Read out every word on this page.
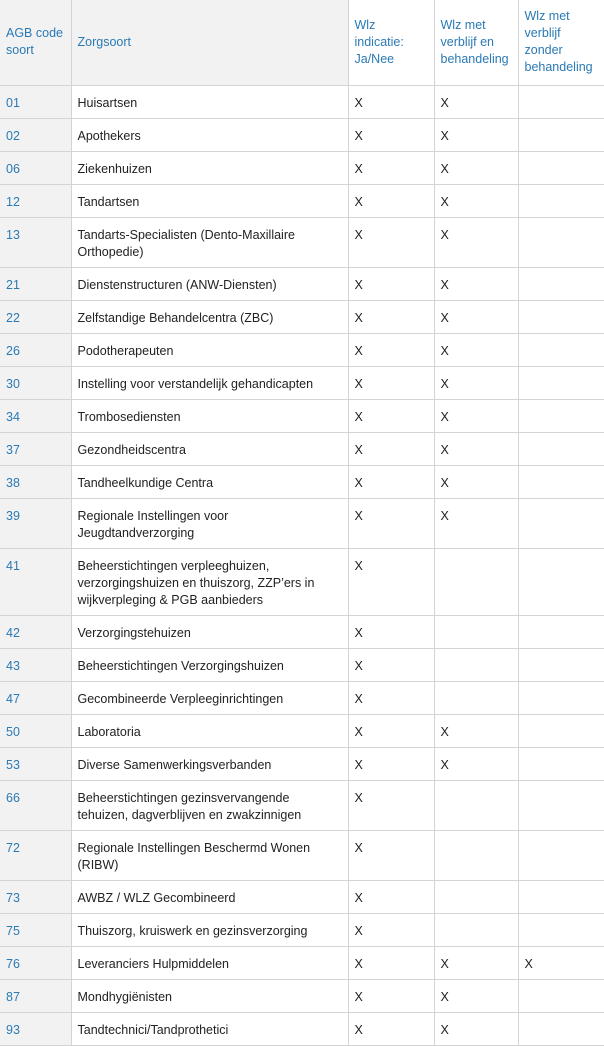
AGB code soort	Zorgsoort	Wlz indicatie: Ja/Nee	Wlz met verblijf en behandeling	Wlz met verblijf zonder behandeling
01	Huisartsen	X	X	
02	Apothekers	X	X	
06	Ziekenhuizen	X	X	
12	Tandartsen	X	X	
13	Tandarts-Specialisten (Dento-Maxillaire Orthopedie)	X	X	
21	Dienstenstructuren (ANW-Diensten)	X	X	
22	Zelfstandige Behandelcentra (ZBC)	X	X	
26	Podotherapeuten	X	X	
30	Instelling voor verstandelijk gehandicapten	X	X	
34	Trombosediensten	X	X	
37	Gezondheidscentra	X	X	
38	Tandheelkundige Centra	X	X	
39	Regionale Instellingen voor Jeugdtandverzorging	X	X	
41	Beheerstichtingen verpleeghuizen, verzorgingshuizen en thuiszorg, ZZP’ers in wijkverpleging & PGB aanbieders	X		
42	Verzorgingstehuizen	X		
43	Beheerstichtingen Verzorgingshuizen	X		
47	Gecombineerde Verpleeginrichtingen	X		
50	Laboratoria	X	X	
53	Diverse Samenwerkingsverbanden	X	X	
66	Beheerstichtingen gezinsvervangende tehuizen, dagverblijven en zwakzinnigen	X		
72	Regionale Instellingen Beschermd Wonen (RIBW)	X		
73	AWBZ / WLZ Gecombineerd	X		
75	Thuiszorg, kruiswerk en gezinsverzorging	X		
76	Leveranciers Hulpmiddelen	X	X	X
87	Mondhygiënisten	X	X	
93	Tandtechnici/Tandprothetici	X	X	
